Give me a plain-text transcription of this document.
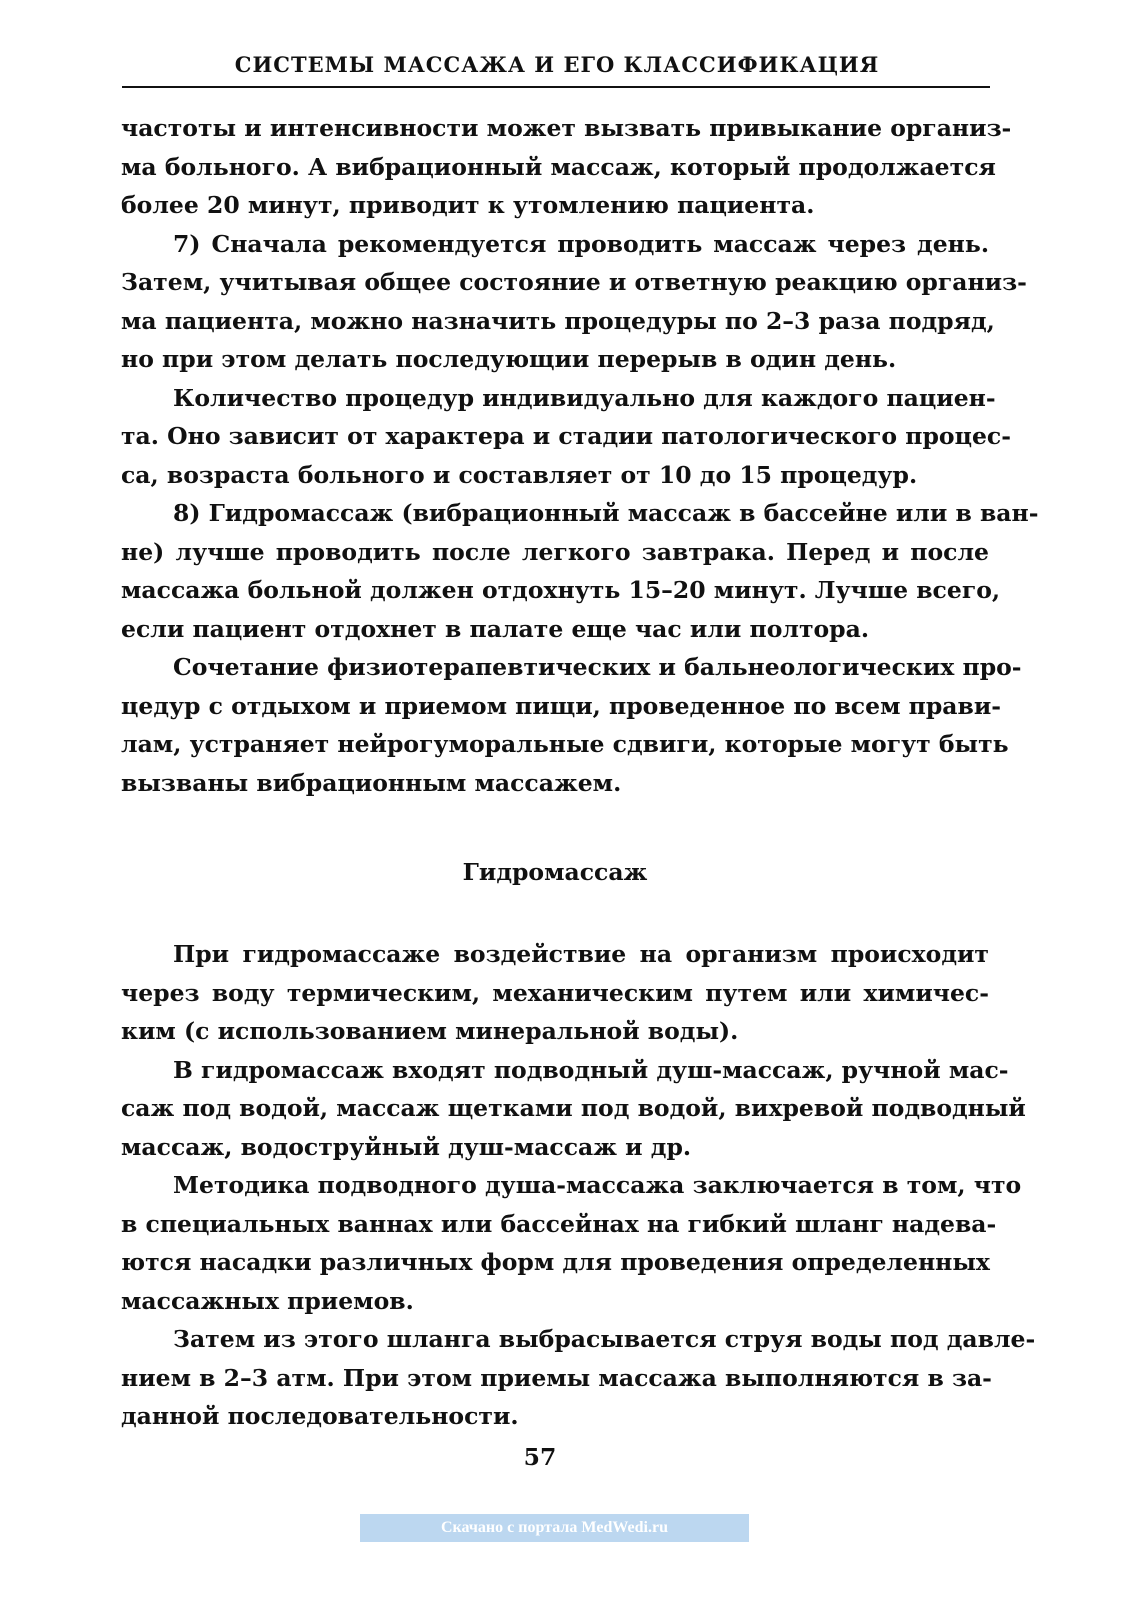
СИСТЕМЫ МАССАЖА И ЕГО КЛАССИФИКАЦИЯ
частоты и интенсивности может вызвать привыкание организ-
ма больного. А вибрационный массаж, который продолжается
более 20 минут, приводит к утомлению пациента.
7) Сначала рекомендуется проводить массаж через день.
Затем, учитывая общее состояние и ответную реакцию организ-
ма пациента, можно назначить процедуры по 2–3 раза подряд,
но при этом делать последующии перерыв в один день.
Количество процедур индивидуально для каждого пациен-
та. Оно зависит от характера и стадии патологического процес-
са, возраста больного и составляет от 10 до 15 процедур.
8) Гидромассаж (вибрационный массаж в бассейне или в ван-
не) лучше проводить после легкого завтрака. Перед и после
массажа больной должен отдохнуть 15–20 минут. Лучше всего,
если пациент отдохнет в палате еще час или полтора.
Сочетание физиотерапевтических и бальнеологических про-
цедур с отдыхом и приемом пищи, проведенное по всем прави-
лам, устраняет нейрогуморальные сдвиги, которые могут быть
вызваны вибрационным массажем.
Гидромассаж
При гидромассаже воздействие на организм происходит
через воду термическим, механическим путем или химичес-
ким (с использованием минеральной воды).
В гидромассаж входят подводный душ-массаж, ручной мас-
саж под водой, массаж щетками под водой, вихревой подводный
массаж, водоструйный душ-массаж и др.
Методика подводного душа-массажа заключается в том, что
в специальных ваннах или бассейнах на гибкий шланг надева-
ются насадки различных форм для проведения определенных
массажных приемов.
Затем из этого шланга выбрасывается струя воды под давле-
нием в 2–3 атм. При этом приемы массажа выполняются в за-
данной последовательности.
57
Скачано с портала MedWedi.ru
